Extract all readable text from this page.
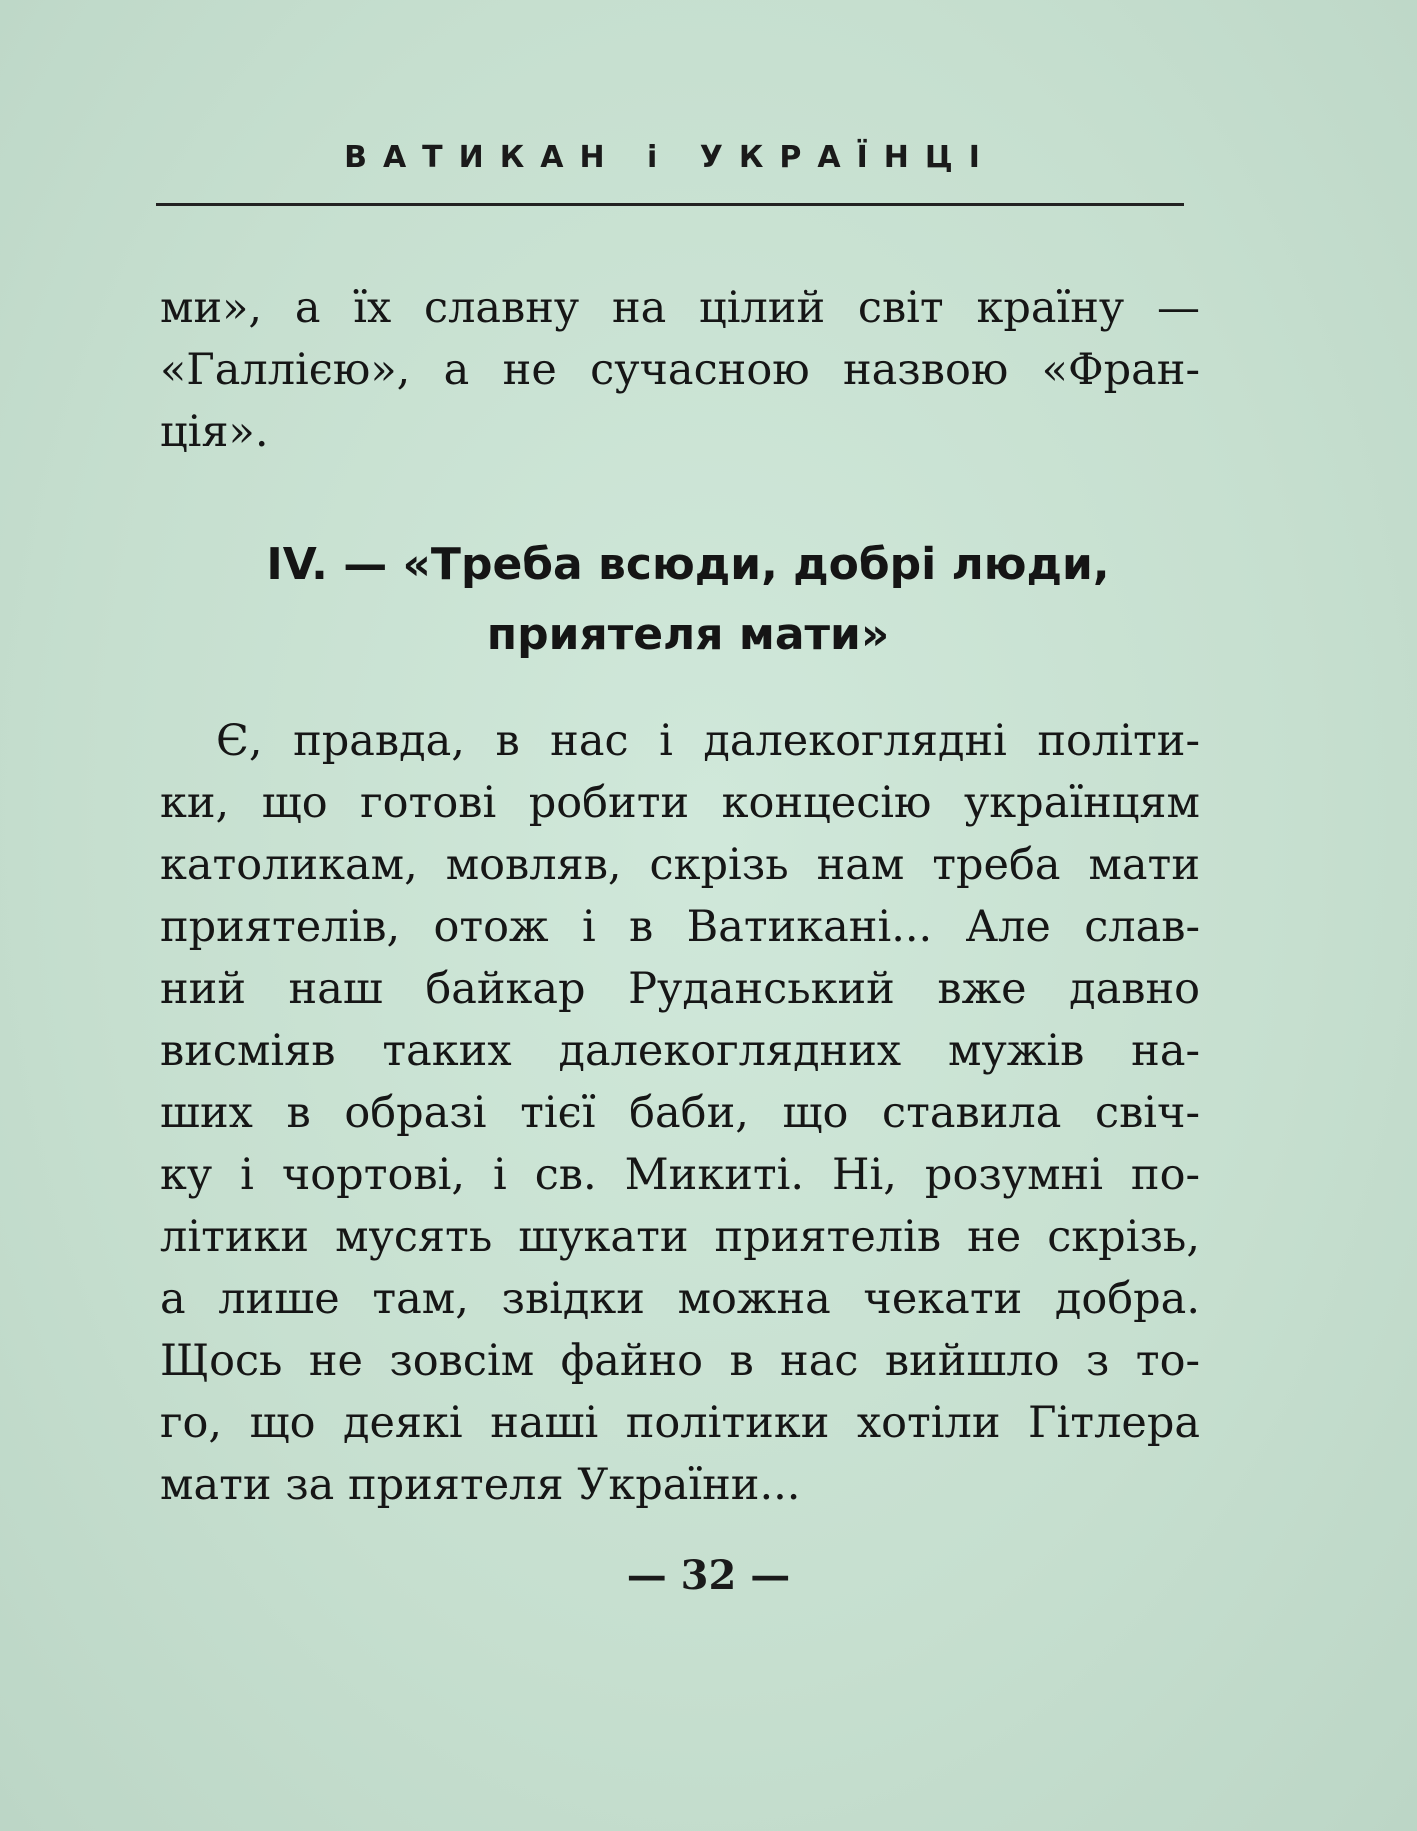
ВАТИКАН і УКРАЇНЦІ
ми», а їх славну на цілий світ країну —
«Галлією», а не сучасною назвою «Фран-
ція».
IV. — «Треба всюди, добрі люди,
приятеля мати»
Є, правда, в нас і далекоглядні політи-
ки, що готові робити концесію українцям
католикам, мовляв, скрізь нам треба мати
приятелів, отож і в Ватикані... Але слав-
ний наш байкар Руданський вже давно
висміяв таких далекоглядних мужів на-
ших в образі тієї баби, що ставила свіч-
ку і чортові, і св. Микиті. Ні, розумні по-
літики мусять шукати приятелів не скрізь,
а лише там, звідки можна чекати добра.
Щось не зовсім файно в нас вийшло з то-
го, що деякі наші політики хотіли Гітлера
мати за приятеля України...
— 32 —
